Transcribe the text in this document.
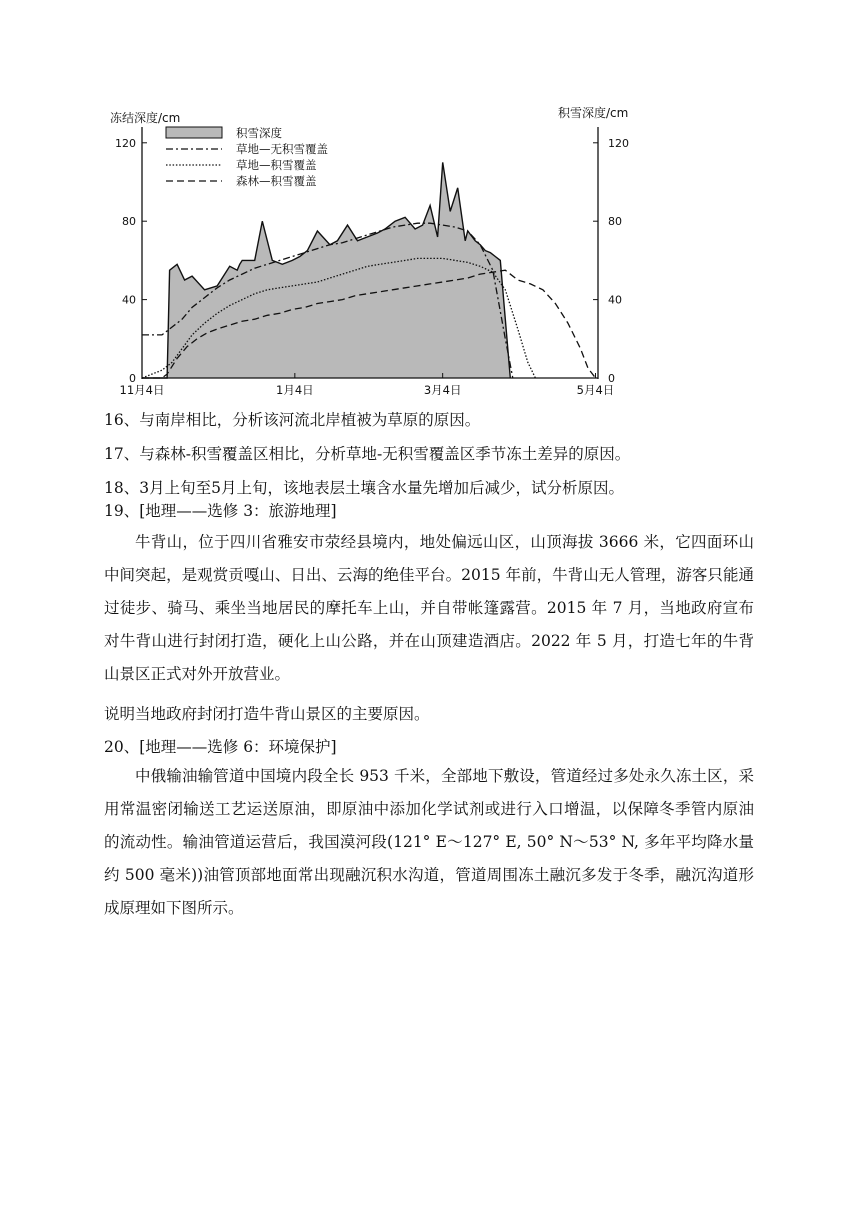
冻结深度/cm	积雪深度/cm
积雪深度
草地—无积雪覆盖
草地—积雪覆盖
森林—积雪覆盖
0
40
80
120
0
40
80
120
11月4日	1月4日	3月4日	5月4日
16、与南岸相比，分析该河流北岸植被为草原的原因。
17、与森林-积雪覆盖区相比，分析草地-无积雪覆盖区季节冻土差异的原因。
18、3月上旬至5月上旬，该地表层土壤含水量先增加后减少，试分析原因。
19、[地理——选修 3：旅游地理]

牛背山，位于四川省雅安市荥经县境内，地处偏远山区，山顶海拔 3666 米，它四面环山中间突起，是观赏贡嘎山、日出、云海的绝佳平台。2015 年前，牛背山无人管理，游客只能通过徒步、骑马、乘坐当地居民的摩托车上山，并自带帐篷露营。2015 年 7 月，当地政府宣布对牛背山进行封闭打造，硬化上山公路，并在山顶建造酒店。2022 年 5 月，打造七年的牛背山景区正式对外开放营业。

说明当地政府封闭打造牛背山景区的主要原因。
20、[地理——选修 6：环境保护]

中俄输油输管道中国境内段全长 953 千米，全部地下敷设，管道经过多处永久冻土区，采用常温密闭输送工艺运送原油，即原油中添加化学试剂或进行入口增温，以保障冬季管内原油的流动性。输油管道运营后，我国漠河段(121° E～127° E, 50° N～53° N, 多年平均降水量约 500 毫米))油管顶部地面常出现融沉积水沟道，管道周围冻土融沉多发于冬季，融沉沟道形成原理如下图所示。
